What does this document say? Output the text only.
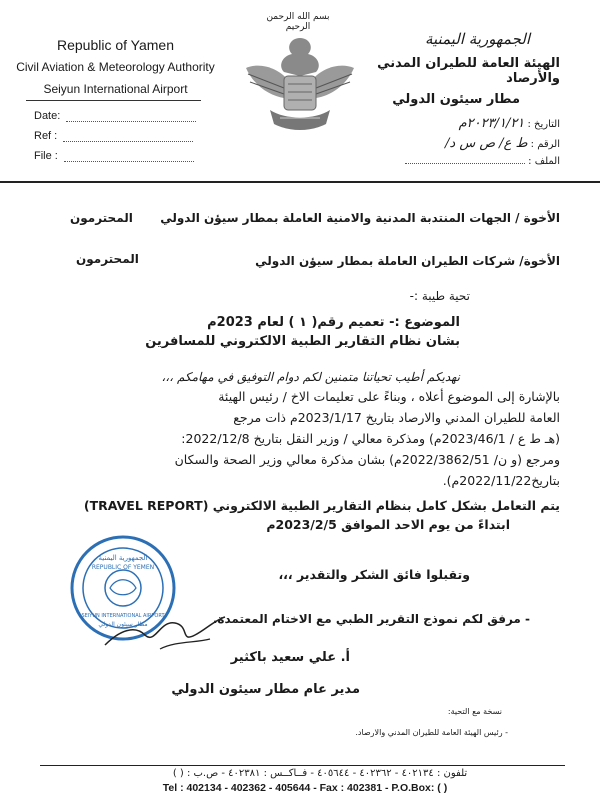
Republic of Yamen
Civil Aviation & Meteorology Authority
Seiyun International Airport
Date:
Ref :
File :
بسم الله الرحمن الرحيم
الجمهورية اليمنية
الهيئة العامة للطيران المدني والأرصاد
مطار سيئون الدولي
التاريخ : ٢٠٢٣/١/٢١م
الرقم : ط ع/ ص س د/
الملف :
الأخوة / الجهات المنتدبة المدنية والامنية العاملة بمطار سيؤن الدولي
المحترمون
الأخوة/ شركات الطيران العاملة بمطار سيؤن الدولي
المحترمون
تحية طيبة :-
الموضوع :- تعميم رقم( ١ ) لعام 2023م
بشان نظام التقارير الطبية الالكتروني للمسافرين
نهديكم أطيب تحياتنا متمنين لكم دوام التوفيق في مهامكم ،،،
بالإشارة إلى الموضوع أعلاه ، وبناءً على تعليمات الاخ / رئيس الهيئة
العامة للطيران المدني والارصاد بتاريخ 2023/1/17م ذات مرجع
(هـ ط ع / 2023/46/1م) ومذكرة معالي / وزير النقل بتاريخ 2022/12/8:
ومرجع (و ن/ 2022/3862/51م) بشان مذكرة معالي وزير الصحة والسكان
بتاريخ2022/11/22م).
يتم التعامل بشكل كامل بنظام التقارير الطبية الالكتروني (TRAVEL REPORT)
ابتداءً من يوم الاحد الموافق 2023/2/5م
وتقبلوا فائق الشكر والتقدير ،،،
- مرفق لكم نموذج التقرير الطبي مع الاختام المعتمدة.
الجمهورية اليمنية
REPUBLIC OF YEMEN
SEIYUN INTERNATIONAL AIRPORT
مطار سيئون الدولي
أ. علي سعيد باكثير
مدير عام مطار سيئون الدولي
نسخة مع التحية:
- رئيس الهيئة العامة للطيران المدني والارصاد.
تلفون : ٤٠٢١٣٤ - ٤٠٢٣٦٢ - ٤٠٥٦٤٤ - فــاكــس : ٤٠٢٣٨١ - ص.ب : ( )
Tel : 402134 - 402362 - 405644 - Fax : 402381 - P.O.Box: ( )
